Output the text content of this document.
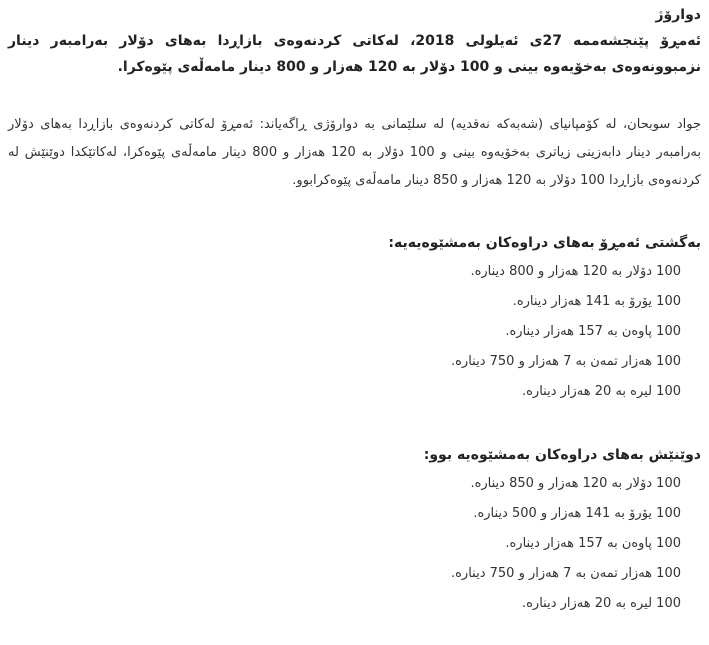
دوارۆژ

ئەمڕۆ پێنجشەممە 27ی ئەیلولی 2018، لەکاتی کردنەوەی بازاڕدا بەهای دۆلار بەرامبەر دینار نزمبوونەوەی بەخۆیەوە بینی و 100 دۆلار بە 120 هەزار و 800 دینار مامەڵەی پێوەکرا.

جواد سوبحان، لە کۆمپانیای (شەبەکە نەقدیە) لە سلێمانی بە دوارۆژی ڕاگەیاند: ئەمڕۆ لەکاتی کردنەوەی بازاڕدا بەهای دۆلار بەرامبەر دینار دابەزینی زیاتری بەخۆیەوە بینی و 100 دۆلار بە 120 هەزار و 800 دینار مامەڵەی پێوەکرا، لەکاتێکدا دوێنێش لە کردنەوەی بازاڕدا 100 دۆلار بە 120 هەزار و 850 دینار مامەڵەی پێوەکرابوو.

بەگشتی ئەمڕۆ بەهای دراوەکان بەمشێوەیەیە:

100 دۆلار بە 120 هەزار و 800 دینارە.
100 یۆرۆ بە 141 هەزار دینارە.
100 پاوەن بە 157 هەزار دینارە.
100 هەزار تمەن بە 7 هەزار و 750 دینارە.
100 لیرە بە 20 هەزار دینارە.

دوێنێش بەهای دراوەکان بەمشێوەیە بوو:

100 دۆلار بە 120 هەزار و 850 دینارە.
100 یۆرۆ بە 141 هەزار و 500 دینارە.
100 پاوەن بە 157 هەزار دینارە.
100 هەزار تمەن بە 7 هەزار و 750 دینارە.
100 لیرە بە 20 هەزار دینارە.
